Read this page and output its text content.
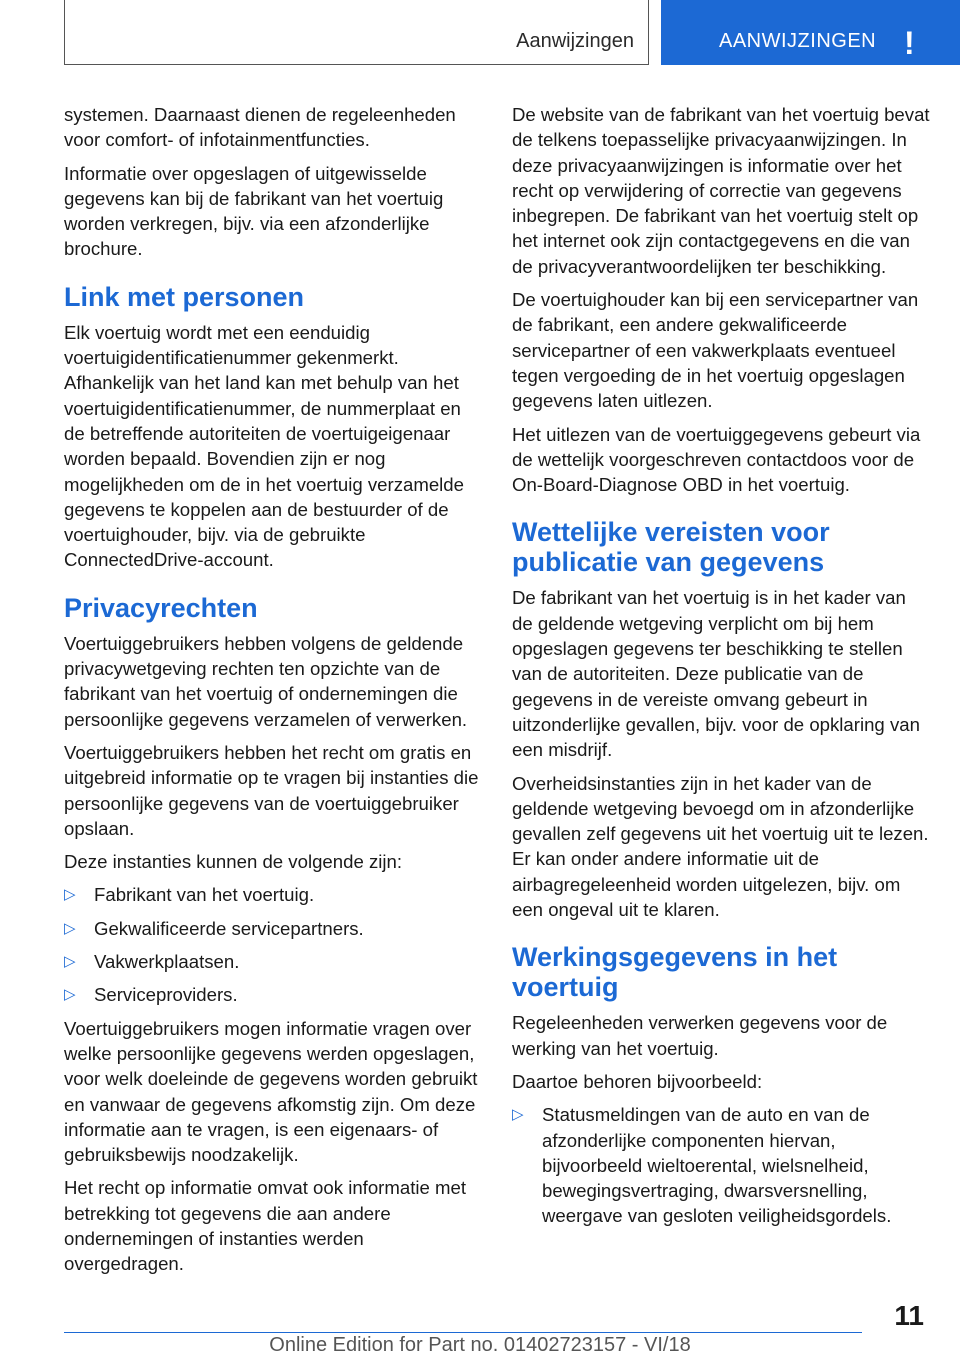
Aanwijzingen	AANWIJZINGEN !

systemen. Daarnaast dienen de regeleenheden voor comfort- of infotainmentfuncties.

Informatie over opgeslagen of uitgewisselde gegevens kan bij de fabrikant van het voertuig worden verkregen, bijv. via een afzonderlijke brochure.

Link met personen

Elk voertuig wordt met een eenduidig voertuigidentificatienummer gekenmerkt. Afhankelijk van het land kan met behulp van het voertuigidentificatienummer, de nummerplaat en de betreffende autoriteiten de voertuigeigenaar worden bepaald. Bovendien zijn er nog mogelijkheden om de in het voertuig verzamelde gegevens te koppelen aan de bestuurder of de voertuighouder, bijv. via de gebruikte ConnectedDrive-account.

Privacyrechten

Voertuiggebruikers hebben volgens de geldende privacywetgeving rechten ten opzichte van de fabrikant van het voertuig of ondernemingen die persoonlijke gegevens verzamelen of verwerken.

Voertuiggebruikers hebben het recht om gratis en uitgebreid informatie op te vragen bij instanties die persoonlijke gegevens van de voertuiggebruiker opslaan.

Deze instanties kunnen de volgende zijn:

▷ Fabrikant van het voertuig.
▷ Gekwalificeerde servicepartners.
▷ Vakwerkplaatsen.
▷ Serviceproviders.

Voertuiggebruikers mogen informatie vragen over welke persoonlijke gegevens werden opgeslagen, voor welk doeleinde de gegevens worden gebruikt en vanwaar de gegevens afkomstig zijn. Om deze informatie aan te vragen, is een eigenaars- of gebruiksbewijs noodzakelijk.

Het recht op informatie omvat ook informatie met betrekking tot gegevens die aan andere ondernemingen of instanties werden overgedragen.

De website van de fabrikant van het voertuig bevat de telkens toepasselijke privacyaanwijzingen. In deze privacyaanwijzingen is informatie over het recht op verwijdering of correctie van gegevens inbegrepen. De fabrikant van het voertuig stelt op het internet ook zijn contactgegevens en die van de privacyverantwoordelijken ter beschikking.

De voertuighouder kan bij een servicepartner van de fabrikant, een andere gekwalificeerde servicepartner of een vakwerkplaats eventueel tegen vergoeding de in het voertuig opgeslagen gegevens laten uitlezen.

Het uitlezen van de voertuiggegevens gebeurt via de wettelijk voorgeschreven contactdoos voor de On-Board-Diagnose OBD in het voertuig.

Wettelijke vereisten voor publicatie van gegevens

De fabrikant van het voertuig is in het kader van de geldende wetgeving verplicht om bij hem opgeslagen gegevens ter beschikking te stellen van de autoriteiten. Deze publicatie van de gegevens in de vereiste omvang gebeurt in uitzonderlijke gevallen, bijv. voor de opklaring van een misdrijf.

Overheidsinstanties zijn in het kader van de geldende wetgeving bevoegd om in afzonderlijke gevallen zelf gegevens uit het voertuig uit te lezen. Er kan onder andere informatie uit de airbagregeleenheid worden uitgelezen, bijv. om een ongeval uit te klaren.

Werkingsgegevens in het voertuig

Regeleenheden verwerken gegevens voor de werking van het voertuig.

Daartoe behoren bijvoorbeeld:

▷ Statusmeldingen van de auto en van de afzonderlijke componenten hiervan, bijvoorbeeld wieltoerental, wielsnelheid, bewegingsvertraging, dwarsversnelling, weergave van gesloten veiligheidsgordels.
11
Online Edition for Part no. 01402723157 - VI/18
